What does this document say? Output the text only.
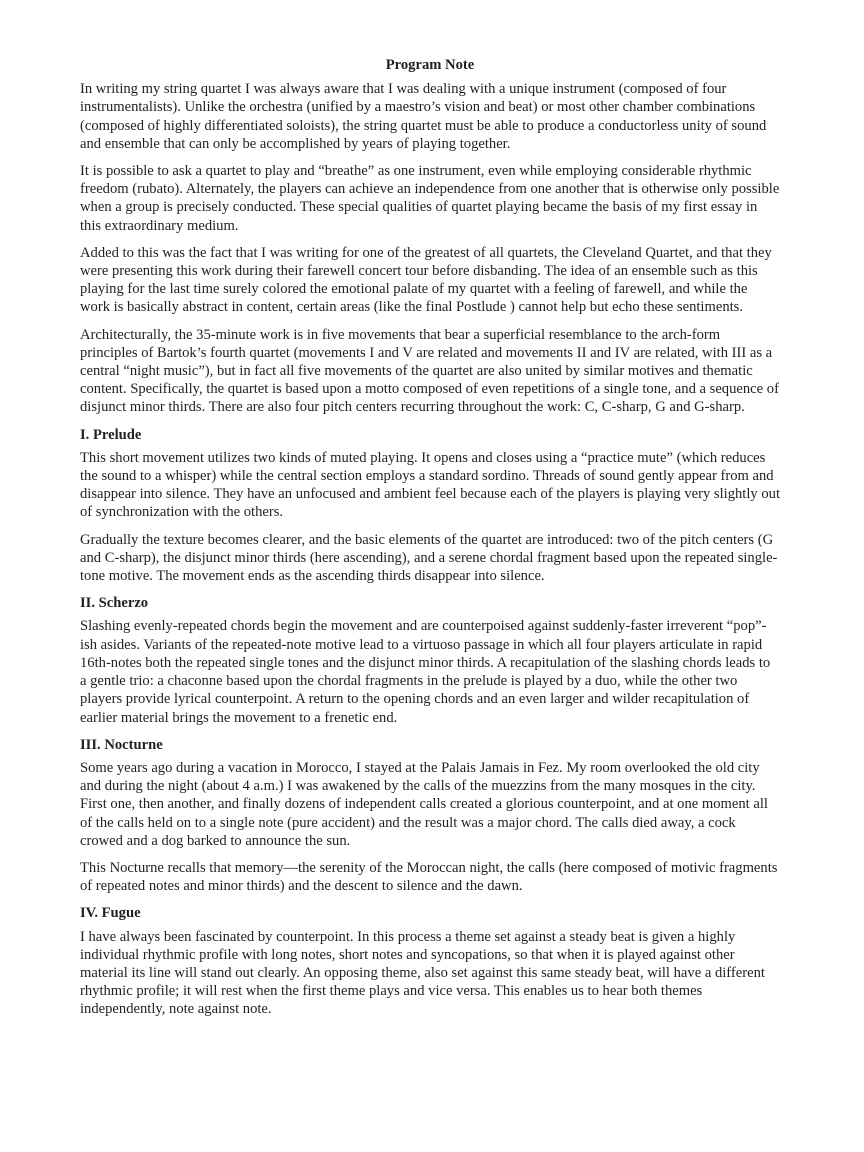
Program Note

In writing my string quartet I was always aware that I was dealing with a unique instrument (composed of four instrumentalists). Unlike the orchestra (unified by a maestro’s vision and beat) or most other chamber combinations (composed of highly differentiated soloists), the string quartet must be able to produce a conductorless unity of sound and ensemble that can only be accomplished by years of playing together.

It is possible to ask a quartet to play and “breathe” as one instrument, even while employing considerable rhythmic freedom (rubato). Alternately, the players can achieve an independence from one another that is otherwise only possible when a group is precisely conducted. These special qualities of quartet playing became the basis of my first essay in this extraordinary medium.

Added to this was the fact that I was writing for one of the greatest of all quartets, the Cleveland Quartet, and that they were presenting this work during their farewell concert tour before disbanding. The idea of an ensemble such as this playing for the last time surely colored the emotional palate of my quartet with a feeling of farewell, and while the work is basically abstract in content, certain areas (like the final Postlude ) cannot help but echo these sentiments.

Architecturally, the 35-minute work is in five movements that bear a superficial resemblance to the arch-form principles of Bartok’s fourth quartet (movements I and V are related and movements II and IV are related, with III as a central “night music”), but in fact all five movements of the quartet are also united by similar motives and thematic content. Specifically, the quartet is based upon a motto composed of even repetitions of a single tone, and a sequence of disjunct minor thirds. There are also four pitch centers recurring throughout the work: C, C-sharp, G and G-sharp.

I. Prelude

This short movement utilizes two kinds of muted playing. It opens and closes using a “practice mute” (which reduces the sound to a whisper) while the central section employs a standard sordino. Threads of sound gently appear from and disappear into silence. They have an unfocused and ambient feel because each of the players is playing very slightly out of synchronization with the others.

Gradually the texture becomes clearer, and the basic elements of the quartet are introduced: two of the pitch centers (G and C-sharp), the disjunct minor thirds (here ascending), and a serene chordal fragment based upon the repeated single- tone motive. The movement ends as the ascending thirds disappear into silence.

II. Scherzo

Slashing evenly-repeated chords begin the movement and are counterpoised against suddenly-faster irreverent “pop”-ish asides. Variants of the repeated-note motive lead to a virtuoso passage in which all four players articulate in rapid 16th-notes both the repeated single tones and the disjunct minor thirds. A recapitulation of the slashing chords leads to a gentle trio: a chaconne based upon the chordal fragments in the prelude is played by a duo, while the other two players provide lyrical counterpoint. A return to the opening chords and an even larger and wilder recapitulation of earlier material brings the movement to a frenetic end.

III. Nocturne

Some years ago during a vacation in Morocco, I stayed at the Palais Jamais in Fez. My room overlooked the old city and during the night (about 4 a.m.) I was awakened by the calls of the muezzins from the many mosques in the city. First one, then another, and finally dozens of independent calls created a glorious counterpoint, and at one moment all of the calls held on to a single note (pure accident) and the result was a major chord. The calls died away, a cock crowed and a dog barked to announce the sun.

This Nocturne recalls that memory—the serenity of the Moroccan night, the calls (here composed of motivic fragments of repeated notes and minor thirds) and the descent to silence and the dawn.

IV. Fugue

I have always been fascinated by counterpoint. In this process a theme set against a steady beat is given a highly individual rhythmic profile with long notes, short notes and syncopations, so that when it is played against other material its line will stand out clearly. An opposing theme, also set against this same steady beat, will have a different rhythmic profile; it will rest when the first theme plays and vice versa. This enables us to hear both themes independently, note against note.
